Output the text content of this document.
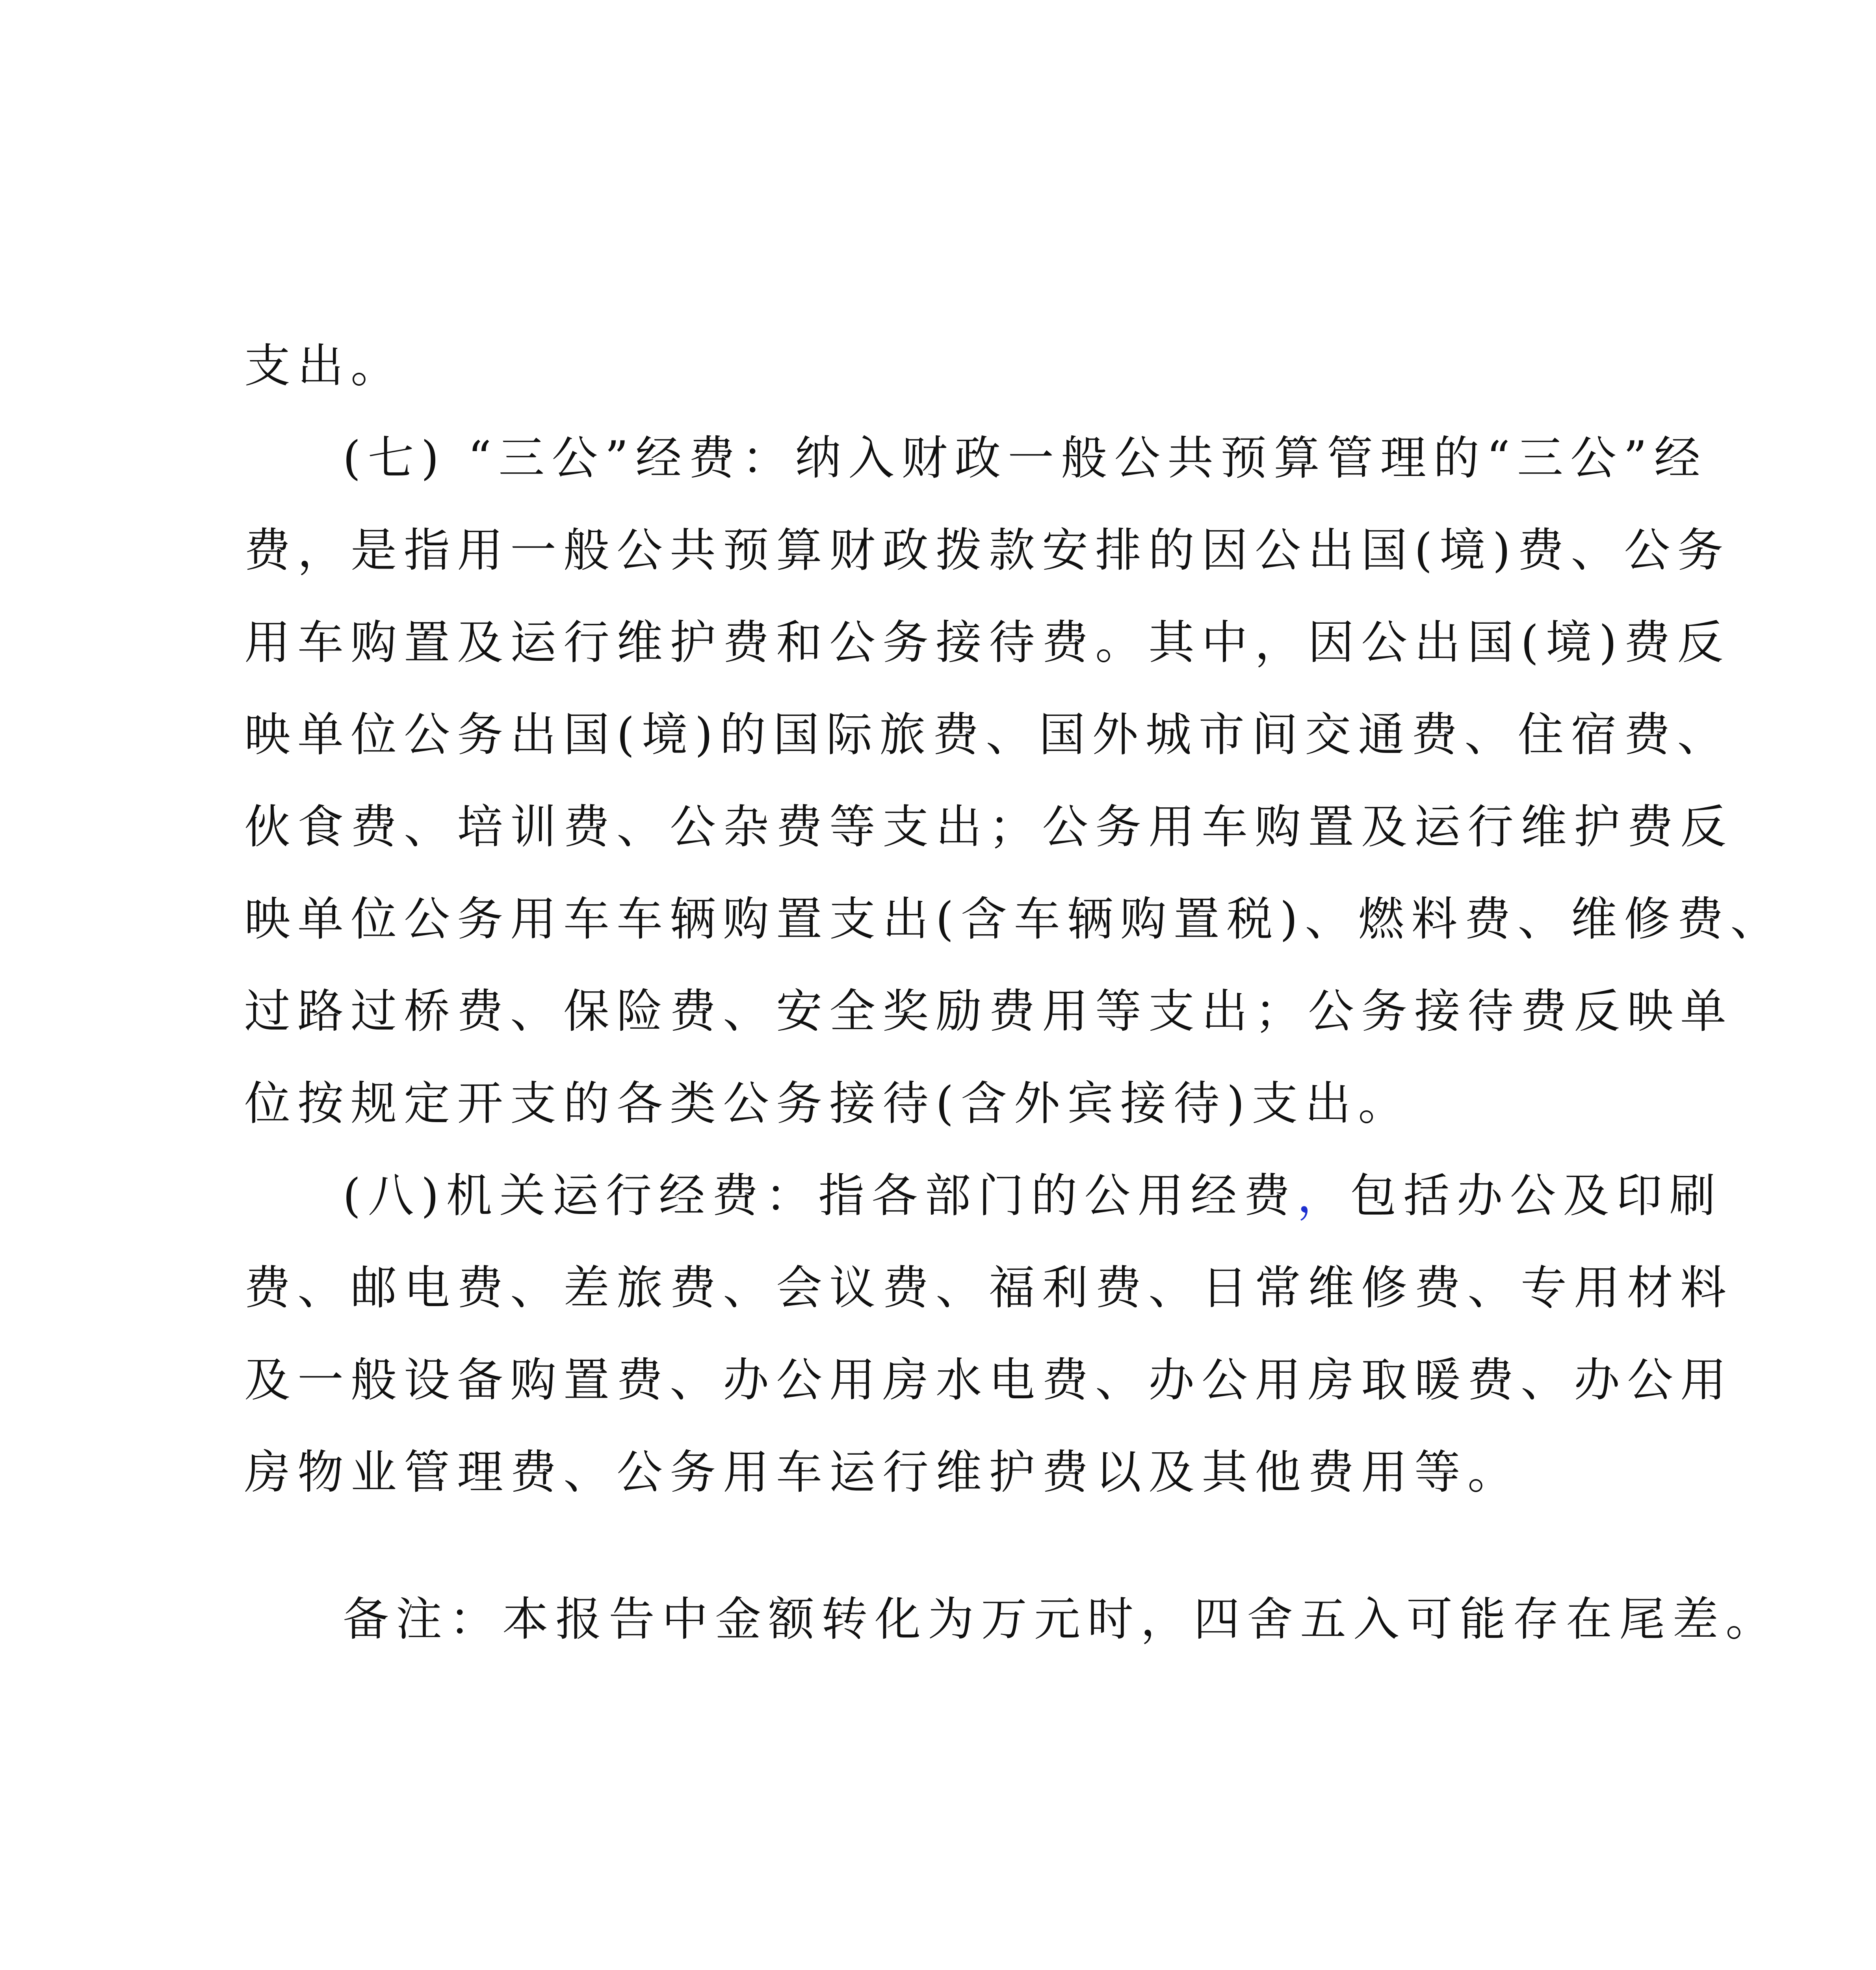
支出。
(七) “三公”经费：纳入财政一般公共预算管理的“三公”经
费，是指用一般公共预算财政拨款安排的因公出国(境)费、公务
用车购置及运行维护费和公务接待费。其中，因公出国(境)费反
映单位公务出国(境)的国际旅费、国外城市间交通费、住宿费、
伙食费、培训费、公杂费等支出；公务用车购置及运行维护费反
映单位公务用车车辆购置支出(含车辆购置税)、燃料费、维修费、
过路过桥费、保险费、安全奖励费用等支出；公务接待费反映单
位按规定开支的各类公务接待(含外宾接待)支出。
(八)机关运行经费：指各部门的公用经费，包括办公及印刷
费、邮电费、差旅费、会议费、福利费、日常维修费、专用材料
及一般设备购置费、办公用房水电费、办公用房取暖费、办公用
房物业管理费、公务用车运行维护费以及其他费用等。
备注：本报告中金额转化为万元时，四舍五入可能存在尾差。
